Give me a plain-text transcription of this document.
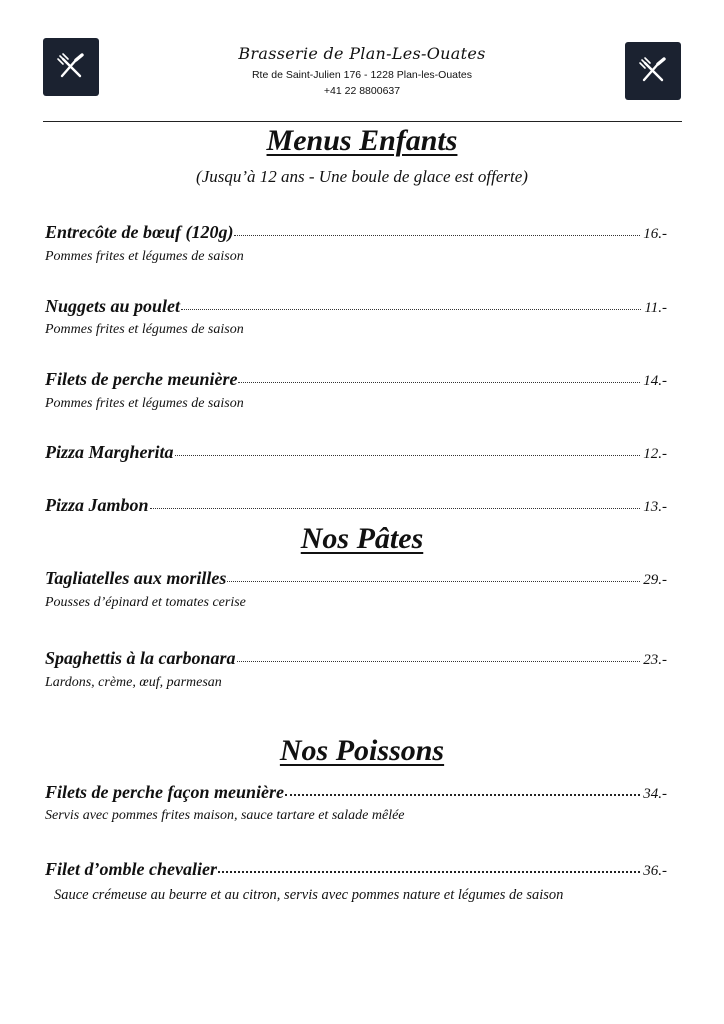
Brasserie de Plan-Les-Ouates
Rte de Saint-Julien 176 - 1228 Plan-les-Ouates
+41 22 8800637
Menus Enfants
(Jusqu’à 12 ans - Une boule de glace est offerte)
Entrecôte de bœuf (120g)	16.-
Pommes frites et légumes de saison
Nuggets au poulet	11.-
Pommes frites et légumes de saison
Filets de perche meunière	14.-
Pommes frites et légumes de saison
Pizza Margherita	12.-
Pizza Jambon	13.-
Nos Pâtes
Tagliatelles aux morilles	29.-
Pousses d’épinard et tomates cerise
Spaghettis à la carbonara	23.-
Lardons, crème, œuf, parmesan
Nos Poissons
Filets de perche façon meunière	34.-
Servis avec pommes frites maison, sauce tartare et salade mêlée
Filet d’omble chevalier	36.-
Sauce crémeuse au beurre et au citron, servis avec pommes nature et légumes de saison
